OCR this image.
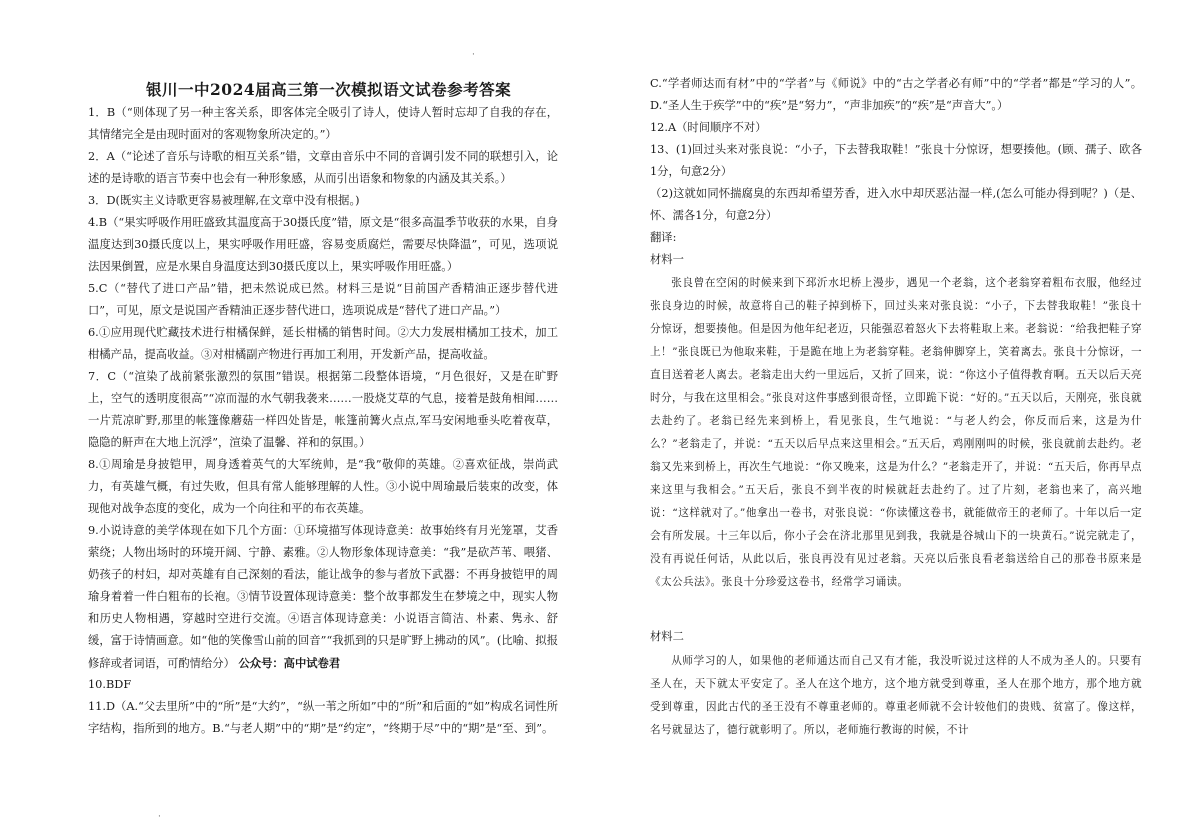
·
·
银川一中2024届高三第一次模拟语文试卷参考答案

1．B（“则体现了另一种主客关系，即客体完全吸引了诗人，使诗人暂时忘却了自我的存在，其情绪完全是由现时面对的客观物象所决定的。”）

2．A（“论述了音乐与诗歌的相互关系”错，文章由音乐中不同的音调引发不同的联想引入，论述的是诗歌的语言节奏中也会有一种形象感，从而引出语象和物象的内涵及其关系。）

3．D(既实主义诗歌更容易被理解,在文章中没有根据。)

4.B（“果实呼吸作用旺盛致其温度高于30摄氏度”错，原文是“很多高温季节收获的水果，自身温度达到30摄氏度以上，果实呼吸作用旺盛，容易变质腐烂，需要尽快降温”，可见，选项说法因果倒置，应是水果自身温度达到30摄氏度以上，果实呼吸作用旺盛。）

5.C（“替代了进口产品”错，把未然说成已然。材料三是说“目前国产香精油正逐步替代进口”，可见，原文是说国产香精油正逐步替代进口，选项说成是“替代了进口产品。”）

6.①应用现代贮藏技术进行柑橘保鲜，延长柑橘的销售时间。②大力发展柑橘加工技术，加工柑橘产品，提高收益。③对柑橘副产物进行再加工利用，开发新产品，提高收益。

7．C（“渲染了战前紧张激烈的氛围”错误。根据第二段整体语境，“月色很好，又是在旷野上，空气的透明度很高”“凉而湿的水气朝我袭来……一股烧艾草的气息，接着是鼓角相闻……一片荒凉旷野,那里的帐篷像蘑菇一样四处皆是，帐篷前篝火点点,军马安闲地垂头吃着夜草，隐隐的鼾声在大地上沉浮”，渲染了温馨、祥和的氛围。）

8.①周瑜是身披铠甲，周身透着英气的大军统帅，是“我”敬仰的英雄。②喜欢征战，崇尚武力，有英雄气概，有过失败，但具有常人能够理解的人性。③小说中周瑜最后装束的改变，体现他对战争态度的变化，成为一个向往和平的布衣英雄。

9.小说诗意的美学体现在如下几个方面：①环境描写体现诗意美：故事始终有月光笼罩，艾香萦绕；人物出场时的环境开阔、宁静、素雅。②人物形象体现诗意美：“我”是砍芦苇、喂猪、奶孩子的村妇，却对英雄有自己深刻的看法，能让战争的参与者放下武器：不再身披铠甲的周瑜身着着一件白粗布的长袍。③情节设置体现诗意美：整个故事都发生在梦境之中，现实人物和历史人物相遇，穿越时空进行交流。④语言体现诗意美：小说语言简洁、朴素、隽永、舒缓，富于诗情画意。如“他的笑像雪山前的回音”“我抓到的只是旷野上拂动的风”。(比喻、拟报修辞或者词语，可酌情给分） 公众号：高中试卷君

10.BDF

11.D（A.“父去里所”中的“所”是“大约”，“纵一苇之所如”中的“所”和后面的“如”构成名词性所字结构，指所到的地方。B.“与老人期”中的“期”是“约定”，“终期于尽”中的“期”是“至、到”。

C.“学者师达而有材”中的“学者”与《师说》中的“古之学者必有师”中的“学者”都是“学习的人”。D.“圣人生于疾学”中的“疾”是“努力”，“声非加疾”的“疾”是“声音大”。）

12.A（时间顺序不对）

13、(1)回过头来对张良说：“小子，下去替我取鞋！”张良十分惊讶，想要揍他。(顾、孺子、欧各1分，句意2分）

（2)这就如同怀揣腐臭的东西却希望芳香，进入水中却厌恶沾湿一样,(怎么可能办得到呢？)（是、怀、濡各1分，句意2分）

翻译:

材料一

张良曾在空闲的时候来到下邳沂水圯桥上漫步，遇见一个老翁，这个老翁穿着粗布衣服，他经过张良身边的时候，故意将自己的鞋子掉到桥下，回过头来对张良说：“小子，下去替我取鞋！”张良十分惊讶，想要揍他。但是因为他年纪老迈，只能强忍着怒火下去将鞋取上来。老翁说：“给我把鞋子穿上！”张良既已为他取来鞋，于是跪在地上为老翁穿鞋。老翁伸脚穿上，笑着离去。张良十分惊讶，一直目送着老人离去。老翁走出大约一里远后，又折了回来，说：“你这小子值得教育啊。五天以后天亮时分，与我在这里相会。”张良对这件事感到很奇怪，立即跪下说：“好的。”五天以后，天刚亮，张良就去赴约了。老翁已经先来到桥上，看见张良，生气地说：“与老人约会，你反而后来，这是为什么？”老翁走了，并说：“五天以后早点来这里相会。”五天后，鸡刚刚叫的时候，张良就前去赴约。老翁又先来到桥上，再次生气地说：“你又晚来，这是为什么？”老翁走开了，并说：“五天后，你再早点来这里与我相会。”五天后，张良不到半夜的时候就赶去赴约了。过了片刻，老翁也来了，高兴地说：“这样就对了。”他拿出一卷书，对张良说：“你读懂这卷书，就能做帝王的老师了。十年以后一定会有所发展。十三年以后，你小子会在济北那里见到我，我就是谷城山下的一块黄石。”说完就走了，没有再说任何话，从此以后，张良再没有见过老翁。天亮以后张良看老翁送给自己的那卷书原来是《太公兵法》。张良十分珍爱这卷书，经常学习诵读。

材料二

从师学习的人，如果他的老师通达而自己又有才能，我没听说过这样的人不成为圣人的。只要有圣人在，天下就太平安定了。圣人在这个地方，这个地方就受到尊重，圣人在那个地方，那个地方就受到尊重，因此古代的圣王没有不尊重老师的。尊重老师就不会计较他们的贵贱、贫富了。像这样，名号就显达了，德行就彰明了。所以，老师施行教诲的时候，不计
